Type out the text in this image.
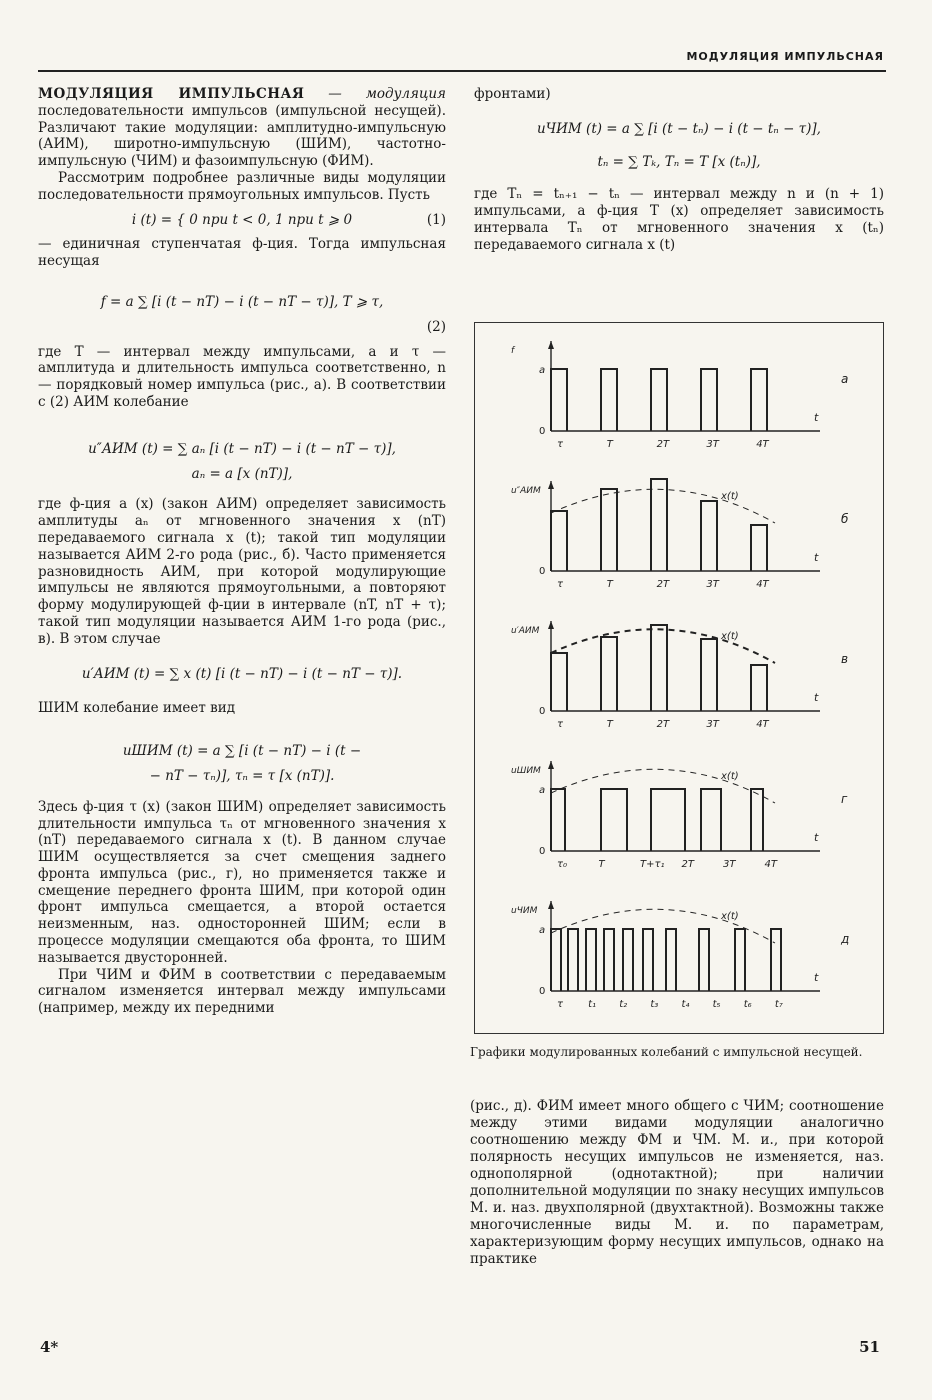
МОДУЛЯЦИЯ ИМПУЛЬСНАЯ

МОДУЛЯЦИЯ ИМПУЛЬСНАЯ — модуляция последовательности импульсов (импульсной несущей). Различают такие модуляции: амплитудно-импульсную (АИМ), широтно-импульсную (ШИМ), частотно-импульсную (ЧИМ) и фазоимпульсную (ФИМ).

Рассмотрим подробнее различные виды модуляции последовательности прямоугольных импульсов. Пусть

i (t) = { 0 при t < 0, 1 при t ⩾ 0	(1)

— единичная ступенчатая ф-ция. Тогда импульсная несущая

f = a ∑ [i (t − nT) − i (t − nT − τ)], T ⩾ τ,
(2)

где T — интервал между импульсами, a и τ — амплитуда и длительность импульса соответственно, n — порядковый номер импульса (рис., а). В соответствии с (2) АИМ колебание

u″АИМ (t) = ∑ aₙ [i (t − nT) − i (t − nT − τ)],
aₙ = a [x (nT)],

где ф-ция a (x) (закон АИМ) определяет зависимость амплитуды aₙ от мгновенного значения x (nT) передаваемого сигнала x (t); такой тип модуляции называется АИМ 2-го рода (рис., б). Часто применяется разновидность АИМ, при которой модулирующие импульсы не являются прямоугольными, а повторяют форму модулирующей ф-ции в интервале (nT, nT + τ); такой тип модуляции называется АИМ 1-го рода (рис., в). В этом случае

u′АИМ (t) = ∑ x (t) [i (t − nT) − i (t − nT − τ)].

ШИМ колебание имеет вид

uШИМ (t) = a ∑ [i (t − nT) − i (t −
− nT − τₙ)], τₙ = τ [x (nT)].

Здесь ф-ция τ (x) (закон ШИМ) определяет зависимость длительности импульса τₙ от мгновенного значения x (nT) передаваемого сигнала x (t). В данном случае ШИМ осуществляется за счет смещения заднего фронта импульса (рис., г), но применяется также и смещение переднего фронта ШИМ, при которой один фронт импульса смещается, а второй остается неизменным, наз. односторонней ШИМ; если в процессе модуляции смещаются оба фронта, то ШИМ называется двусторонней.

При ЧИМ и ФИМ в соответствии с передаваемым сигналом изменяется интервал между импульсами (например, между их передними

фронтами)

uЧИМ (t) = a ∑ [i (t − tₙ) − i (t − tₙ − τ)],
tₙ = ∑ Tₖ, Tₙ = T [x (tₙ)],

где Tₙ = tₙ₊₁ − tₙ — интервал между n и (n + 1) импульсами, а ф-ция T (x) определяет зависимость интервала Tₙ от мгновенного значения x (tₙ) передаваемого сигнала x (t)

f
0
t
а
a
τ	T	2T	3T	4T
u″АИМ
0
t
б
x(t)
τ	T	2T	3T	4T
u′АИМ
0
t
в
x(t)
τ	T	2T	3T	4T
uШИМ
0
t
г
a
x(t)
τ₀	T	T+τ₁ 2T	3T	4T
uЧИМ
0
t
д
a
x(t)
τ	t₁ t₂ t₃ t₄ t₅ t₆ t₇
Графики модулированных колебаний с импульсной несущей.
(рис., д). ФИМ имеет много общего с ЧИМ; соотношение между этими видами модуляции аналогично соотношению между ФМ и ЧМ. М. и., при которой полярность несущих импульсов не изменяется, наз. однополярной (однотактной); при наличии дополнительной модуляции по знаку несущих импульсов М. и. наз. двухполярной (двухтактной). Возможны также многочисленные виды М. и. по параметрам, характеризующим форму несущих импульсов, однако на практике
4*	51
